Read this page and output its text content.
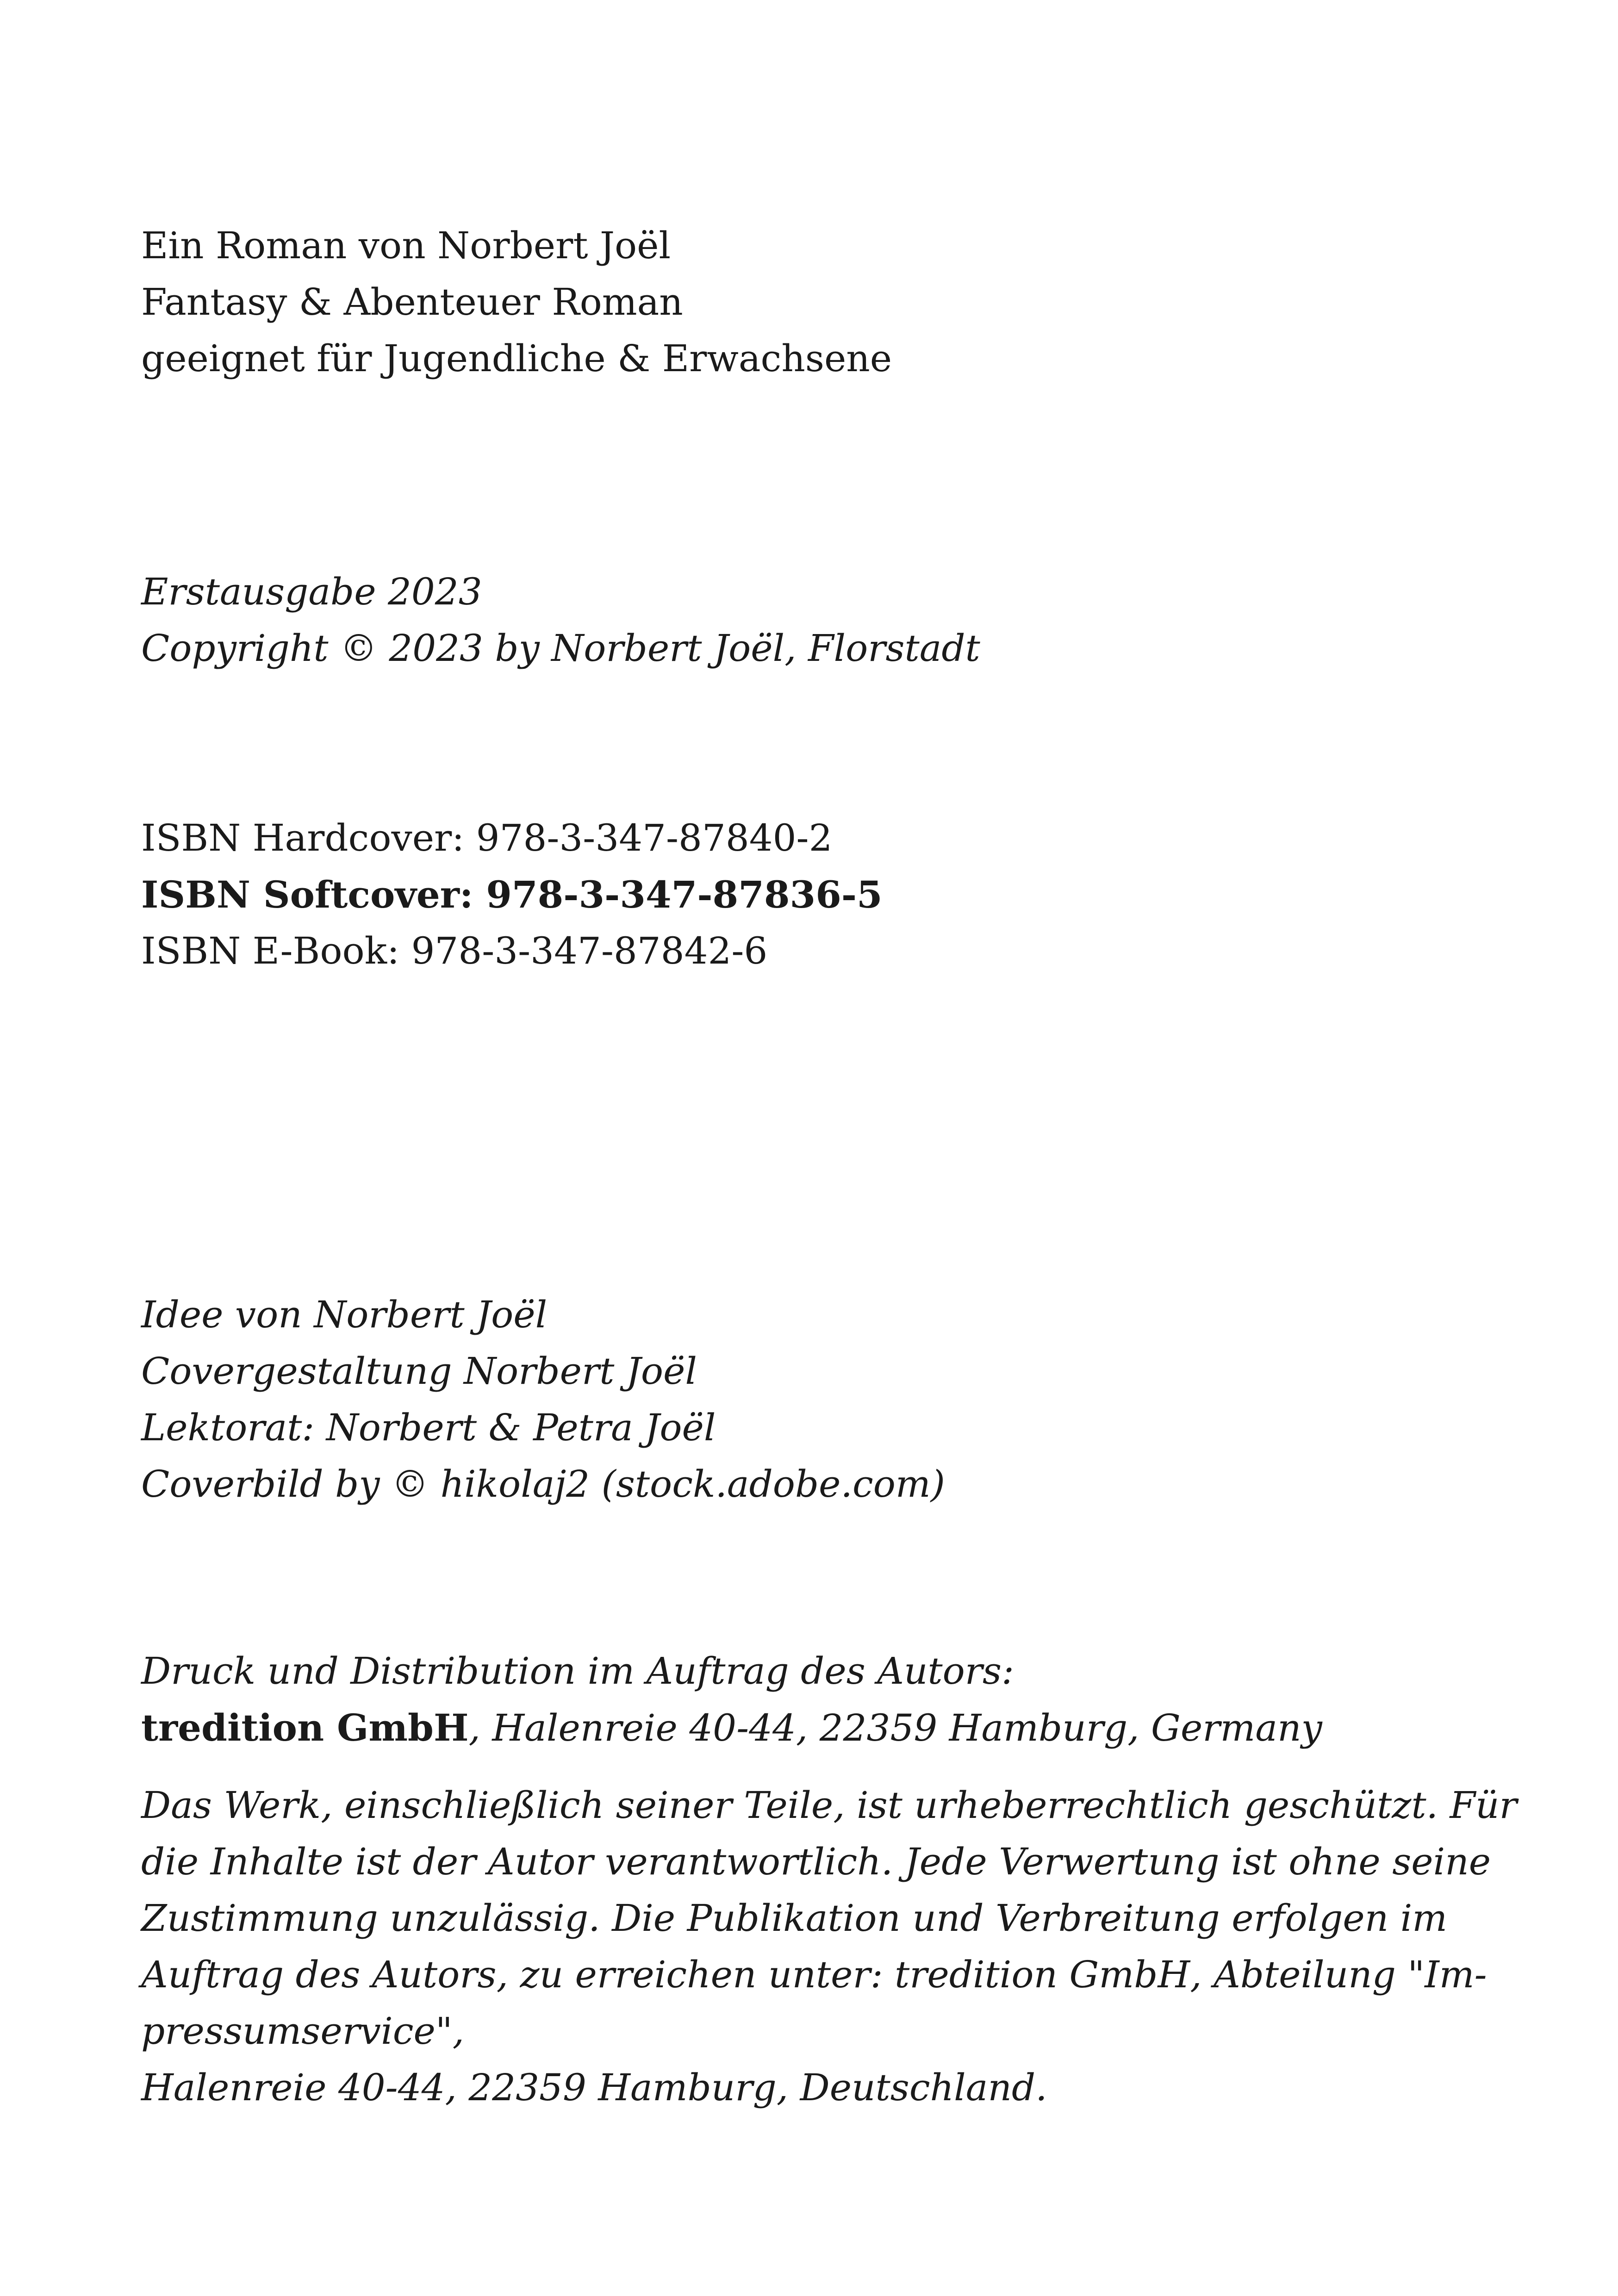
Ein Roman von Norbert Joël
Fantasy & Abenteuer Roman
geeignet für Jugendliche & Erwachsene
Erstausgabe 2023
Copyright © 2023 by Norbert Joël, Florstadt
ISBN Hardcover: 978-3-347-87840-2
ISBN Softcover: 978-3-347-87836-5
ISBN E-Book: 978-3-347-87842-6
Idee von Norbert Joël
Covergestaltung Norbert Joël
Lektorat: Norbert & Petra Joël
Coverbild by © hikolaj2 (stock.adobe.com)
Druck und Distribution im Auftrag des Autors:
tredition GmbH, Halenreie 40-44, 22359 Hamburg, Germany
Das Werk, einschließlich seiner Teile, ist urheberrechtlich geschützt. Für
die Inhalte ist der Autor verantwortlich. Jede Verwertung ist ohne seine
Zustimmung unzulässig. Die Publikation und Verbreitung erfolgen im
Auftrag des Autors, zu erreichen unter: tredition GmbH, Abteilung "Im-
pressumservice",
Halenreie 40-44, 22359 Hamburg, Deutschland.
